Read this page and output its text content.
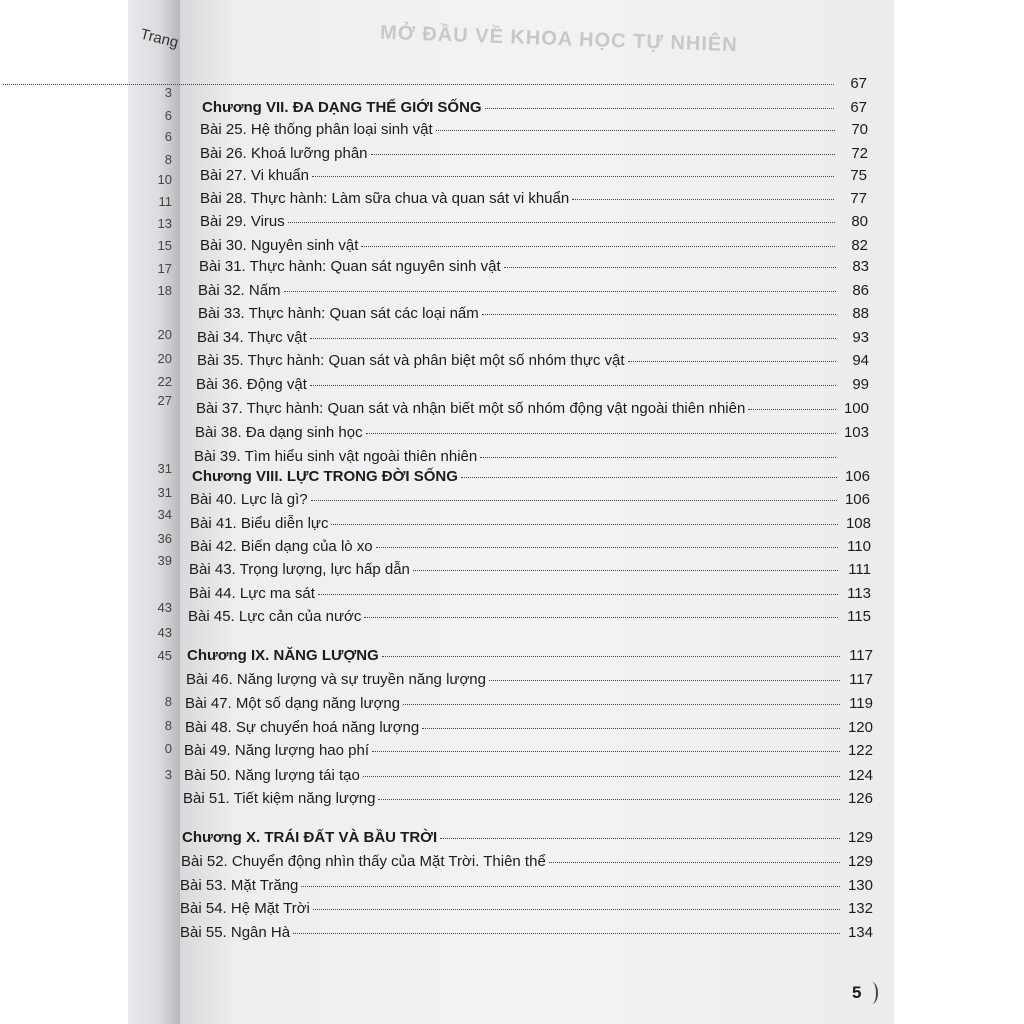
Trang
3
6
6
8
10
11
13
15
17
18
20
20
22
27
31
31
34
36
39
43
43
45
8
8
0
3
MỞ ĐẦU VỀ KHOA HỌC TỰ NHIÊN
67
Chương VII. ĐA DẠNG THẾ GIỚI SỐNG	67
Bài 25. Hệ thống phân loại sinh vật	70
Bài 26. Khoá lưỡng phân	72
Bài 27. Vi khuẩn	75
Bài 28. Thực hành: Làm sữa chua và quan sát vi khuẩn	77
Bài 29. Virus	80
Bài 30. Nguyên sinh vật	82
Bài 31. Thực hành: Quan sát nguyên sinh vật	83
Bài 32. Nấm	86
Bài 33. Thực hành: Quan sát các loại nấm	88
Bài 34. Thực vật	93
Bài 35. Thực hành: Quan sát và phân biệt một số nhóm thực vật	94
Bài 36. Động vật	99
Bài 37. Thực hành: Quan sát và nhận biết một số nhóm động vật ngoài thiên nhiên	100
Bài 38. Đa dạng sinh học	103
Bài 39. Tìm hiểu sinh vật ngoài thiên nhiên
Chương VIII. LỰC TRONG ĐỜI SỐNG	106
Bài 40. Lực là gì?	106
Bài 41. Biểu diễn lực	108
Bài 42. Biến dạng của lò xo	110
Bài 43. Trọng lượng, lực hấp dẫn	111
Bài 44. Lực ma sát	113
Bài 45. Lực cản của nước	115
Chương IX. NĂNG LƯỢNG	117
Bài 46. Năng lượng và sự truyền năng lượng	117
Bài 47. Một số dạng năng lượng	119
Bài 48. Sự chuyển hoá năng lượng	120
Bài 49. Năng lượng hao phí	122
Bài 50. Năng lượng tái tạo	124
Bài 51. Tiết kiệm năng lượng	126
Chương X. TRÁI ĐẤT VÀ BẦU TRỜI	129
Bài 52. Chuyển động nhìn thấy của Mặt Trời. Thiên thể	129
Bài 53. Mặt Trăng	130
Bài 54. Hệ Mặt Trời	132
Bài 55. Ngân Hà	134
5
